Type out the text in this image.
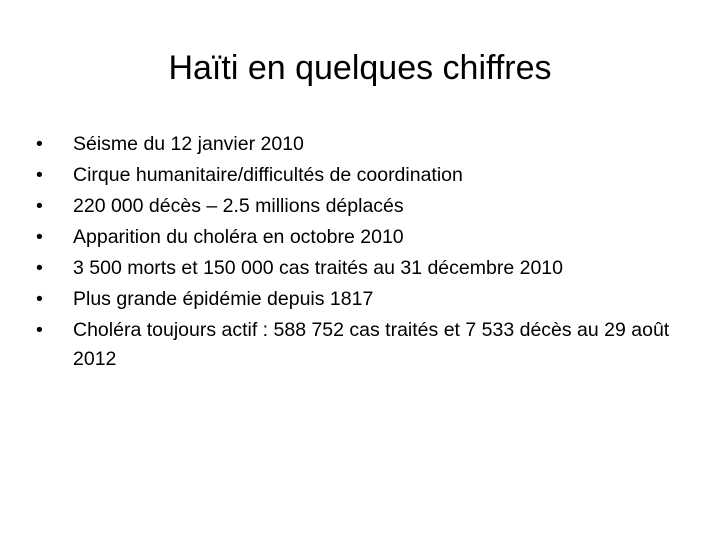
Haïti en quelques chiffres
•	Séisme du 12 janvier 2010
•	Cirque humanitaire/difficultés de coordination
•	220 000 décès – 2.5 millions déplacés
•	Apparition du choléra en octobre 2010
•	3 500 morts et 150 000 cas traités au 31 décembre 2010
•	Plus grande épidémie depuis 1817
•	Choléra toujours actif : 588 752 cas traités et 7 533 décès au 29 août 2012
